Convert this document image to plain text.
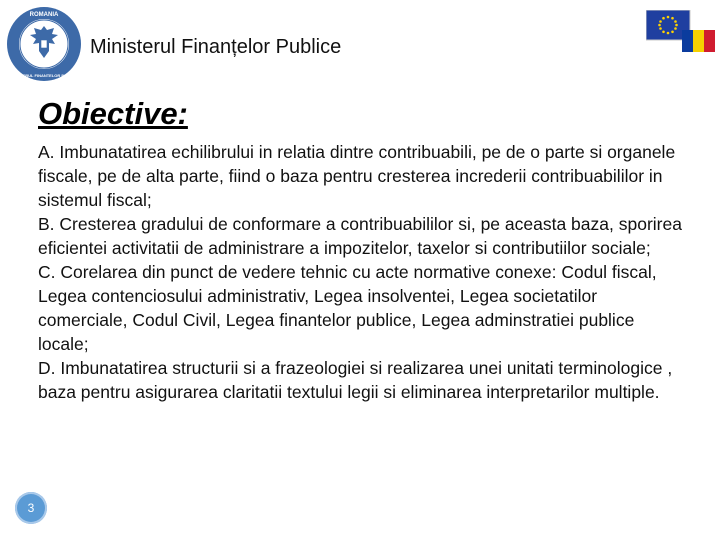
ROMANIA
MINISTERUL FINANTELOR PUBLICE
Ministerul Finanțelor Publice
Obiective:

A. Imbunatatirea echilibrului in relatia dintre contribuabili, pe de o parte si organele fiscale, pe de alta parte, fiind o baza pentru cresterea increderii contribuabililor in sistemul fiscal;

B. Cresterea gradului de conformare a contribuabililor si, pe aceasta baza, sporirea eficientei activitatii de administrare a impozitelor, taxelor si contributiilor sociale;

C. Corelarea din punct de vedere tehnic cu acte normative conexe: Codul fiscal, Legea contenciosului administrativ, Legea insolventei, Legea societatilor comerciale, Codul Civil, Legea finantelor publice, Legea adminstratiei publice locale;

D. Imbunatatirea structurii si a frazeologiei si realizarea unei unitati terminologice , baza pentru asigurarea claritatii textului legii si eliminarea interpretarilor multiple.

3
